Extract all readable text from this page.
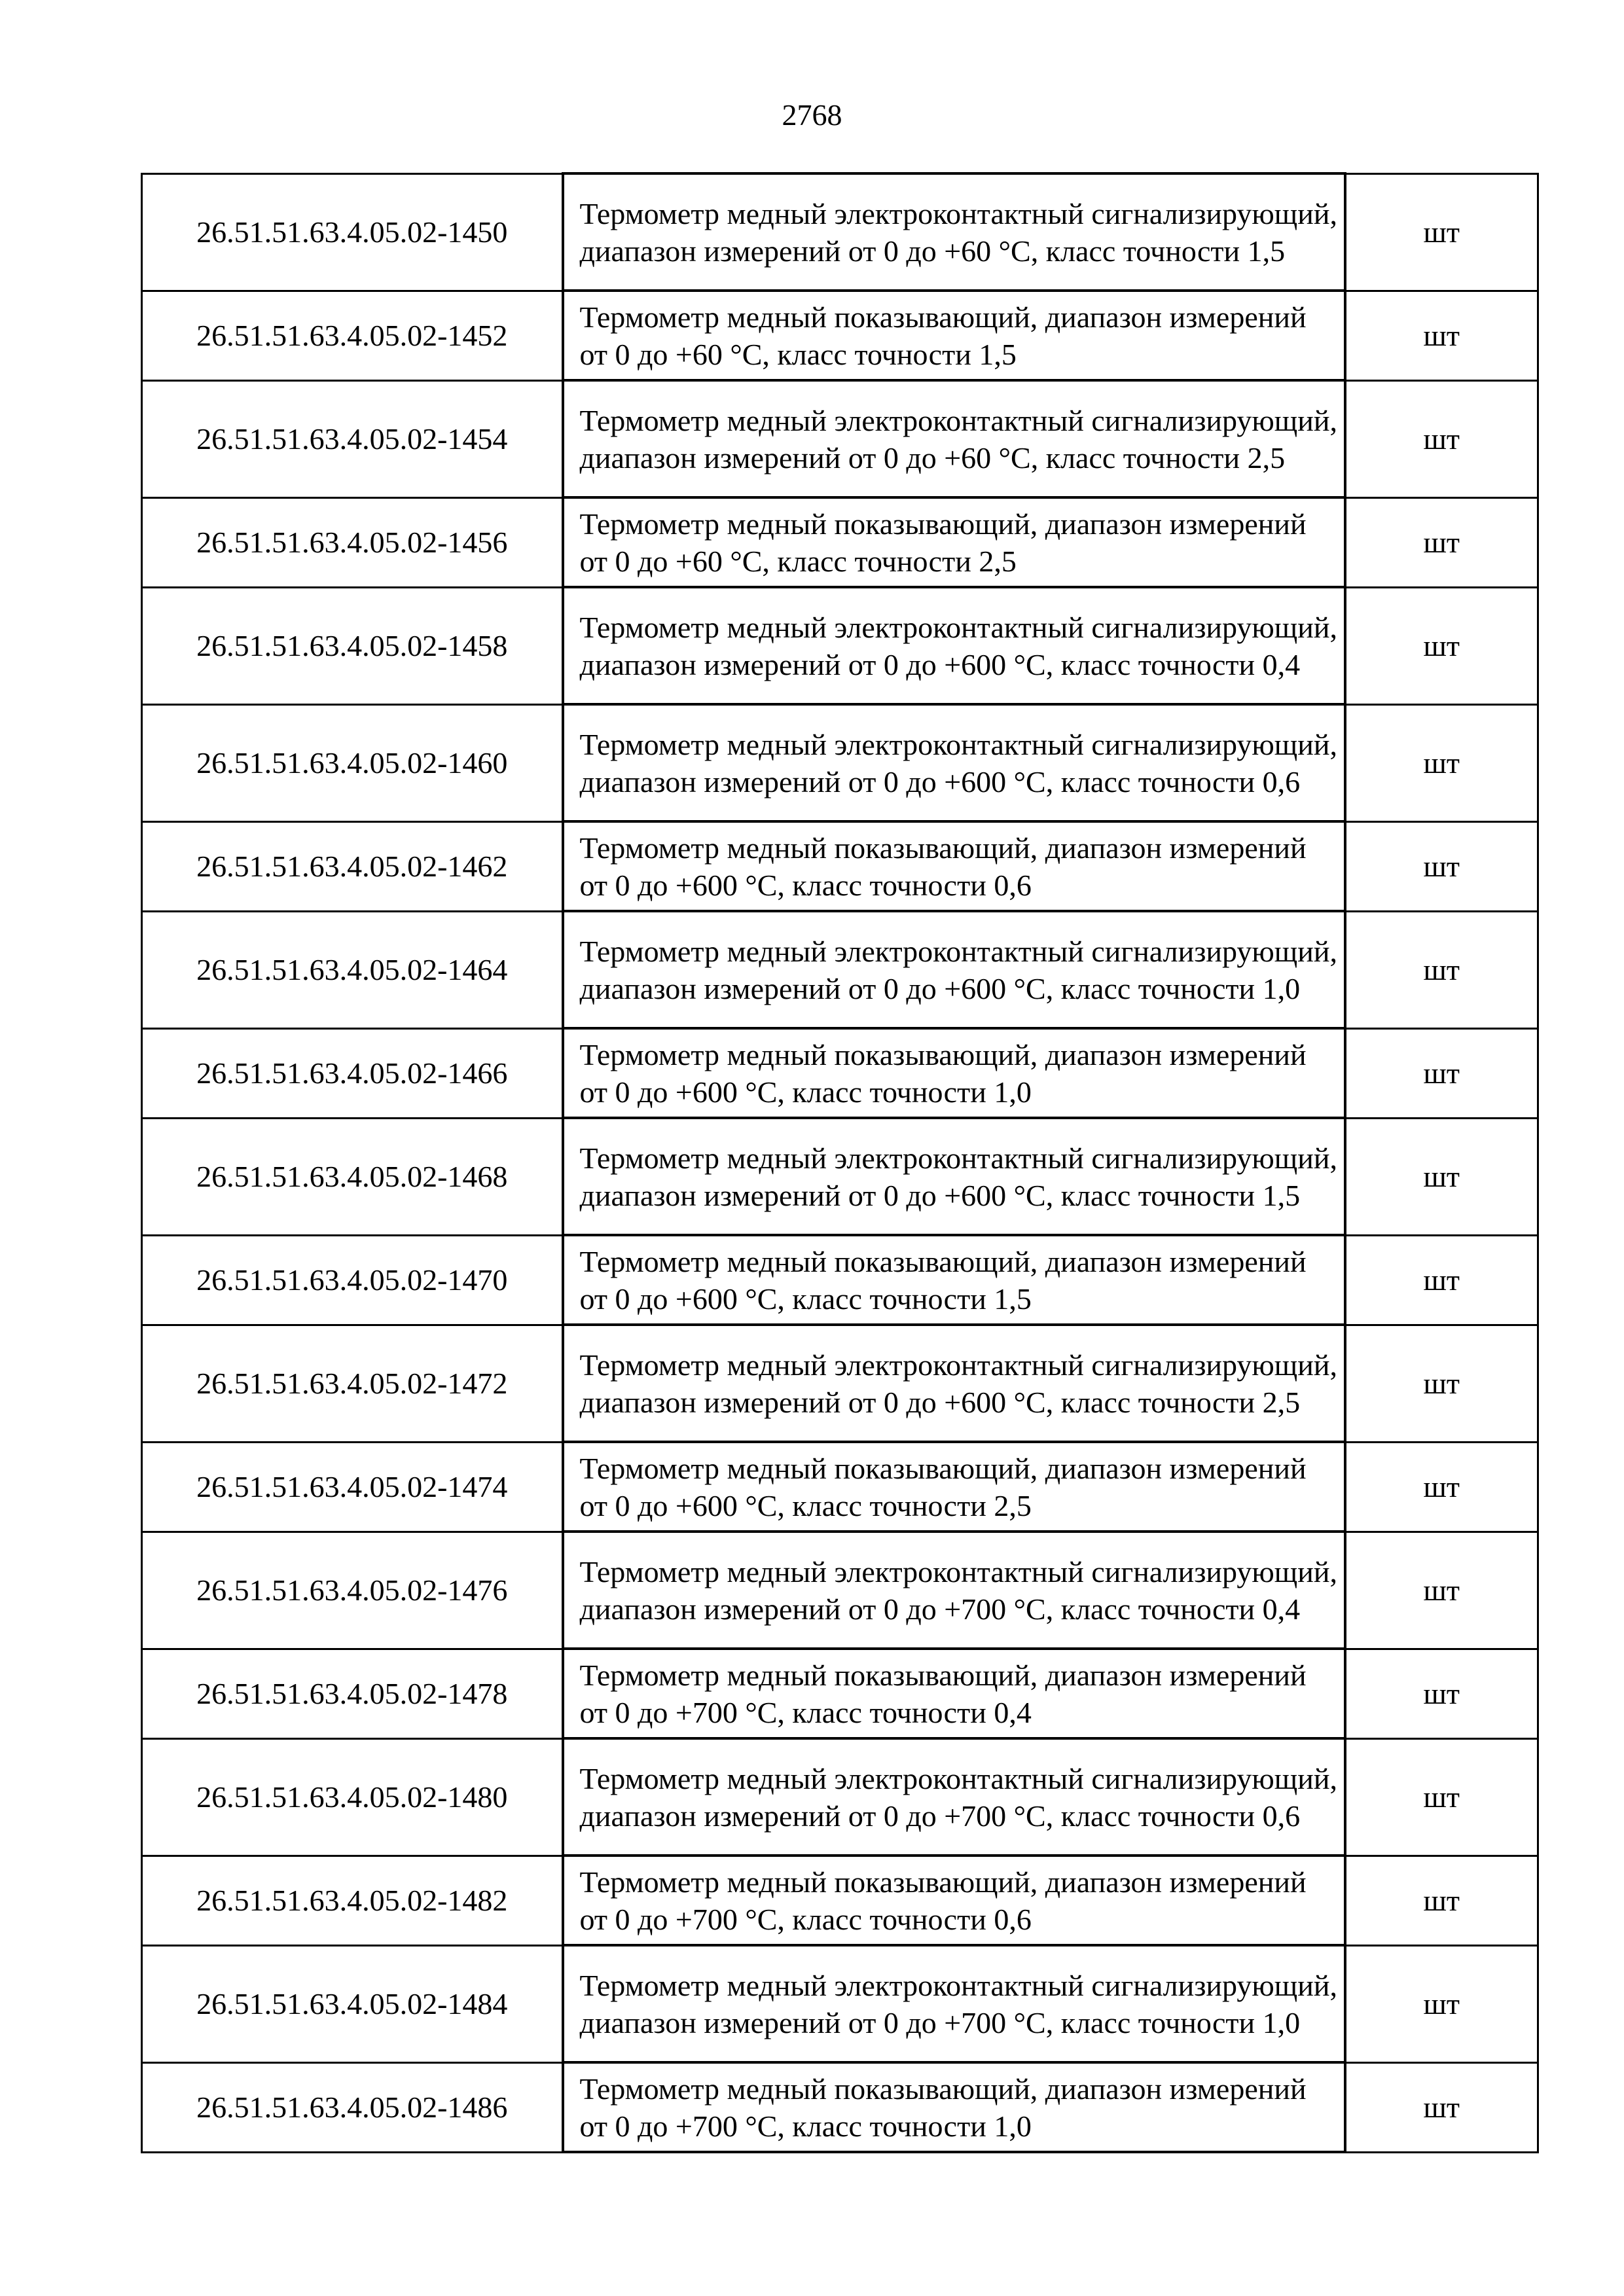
2768
26.51.51.63.4.05.02-1450	Термометр медный электроконтактный сигнализирующий, диапазон измерений от 0 до +60 °С, класс точности 1,5	шт
26.51.51.63.4.05.02-1452	Термометр медный показывающий, диапазон измерений от 0 до +60 °С, класс точности 1,5	шт
26.51.51.63.4.05.02-1454	Термометр медный электроконтактный сигнализирующий, диапазон измерений от 0 до +60 °С, класс точности 2,5	шт
26.51.51.63.4.05.02-1456	Термометр медный показывающий, диапазон измерений от 0 до +60 °С, класс точности 2,5	шт
26.51.51.63.4.05.02-1458	Термометр медный электроконтактный сигнализирующий, диапазон измерений от 0 до +600 °С, класс точности 0,4	шт
26.51.51.63.4.05.02-1460	Термометр медный электроконтактный сигнализирующий, диапазон измерений от 0 до +600 °С, класс точности 0,6	шт
26.51.51.63.4.05.02-1462	Термометр медный показывающий, диапазон измерений от 0 до +600 °С, класс точности 0,6	шт
26.51.51.63.4.05.02-1464	Термометр медный электроконтактный сигнализирующий, диапазон измерений от 0 до +600 °С, класс точности 1,0	шт
26.51.51.63.4.05.02-1466	Термометр медный показывающий, диапазон измерений от 0 до +600 °С, класс точности 1,0	шт
26.51.51.63.4.05.02-1468	Термометр медный электроконтактный сигнализирующий, диапазон измерений от 0 до +600 °С, класс точности 1,5	шт
26.51.51.63.4.05.02-1470	Термометр медный показывающий, диапазон измерений от 0 до +600 °С, класс точности 1,5	шт
26.51.51.63.4.05.02-1472	Термометр медный электроконтактный сигнализирующий, диапазон измерений от 0 до +600 °С, класс точности 2,5	шт
26.51.51.63.4.05.02-1474	Термометр медный показывающий, диапазон измерений от 0 до +600 °С, класс точности 2,5	шт
26.51.51.63.4.05.02-1476	Термометр медный электроконтактный сигнализирующий, диапазон измерений от 0 до +700 °С, класс точности 0,4	шт
26.51.51.63.4.05.02-1478	Термометр медный показывающий, диапазон измерений от 0 до +700 °С, класс точности 0,4	шт
26.51.51.63.4.05.02-1480	Термометр медный электроконтактный сигнализирующий, диапазон измерений от 0 до +700 °С, класс точности 0,6	шт
26.51.51.63.4.05.02-1482	Термометр медный показывающий, диапазон измерений от 0 до +700 °С, класс точности 0,6	шт
26.51.51.63.4.05.02-1484	Термометр медный электроконтактный сигнализирующий, диапазон измерений от 0 до +700 °С, класс точности 1,0	шт
26.51.51.63.4.05.02-1486	Термометр медный показывающий, диапазон измерений от 0 до +700 °С, класс точности 1,0	шт
